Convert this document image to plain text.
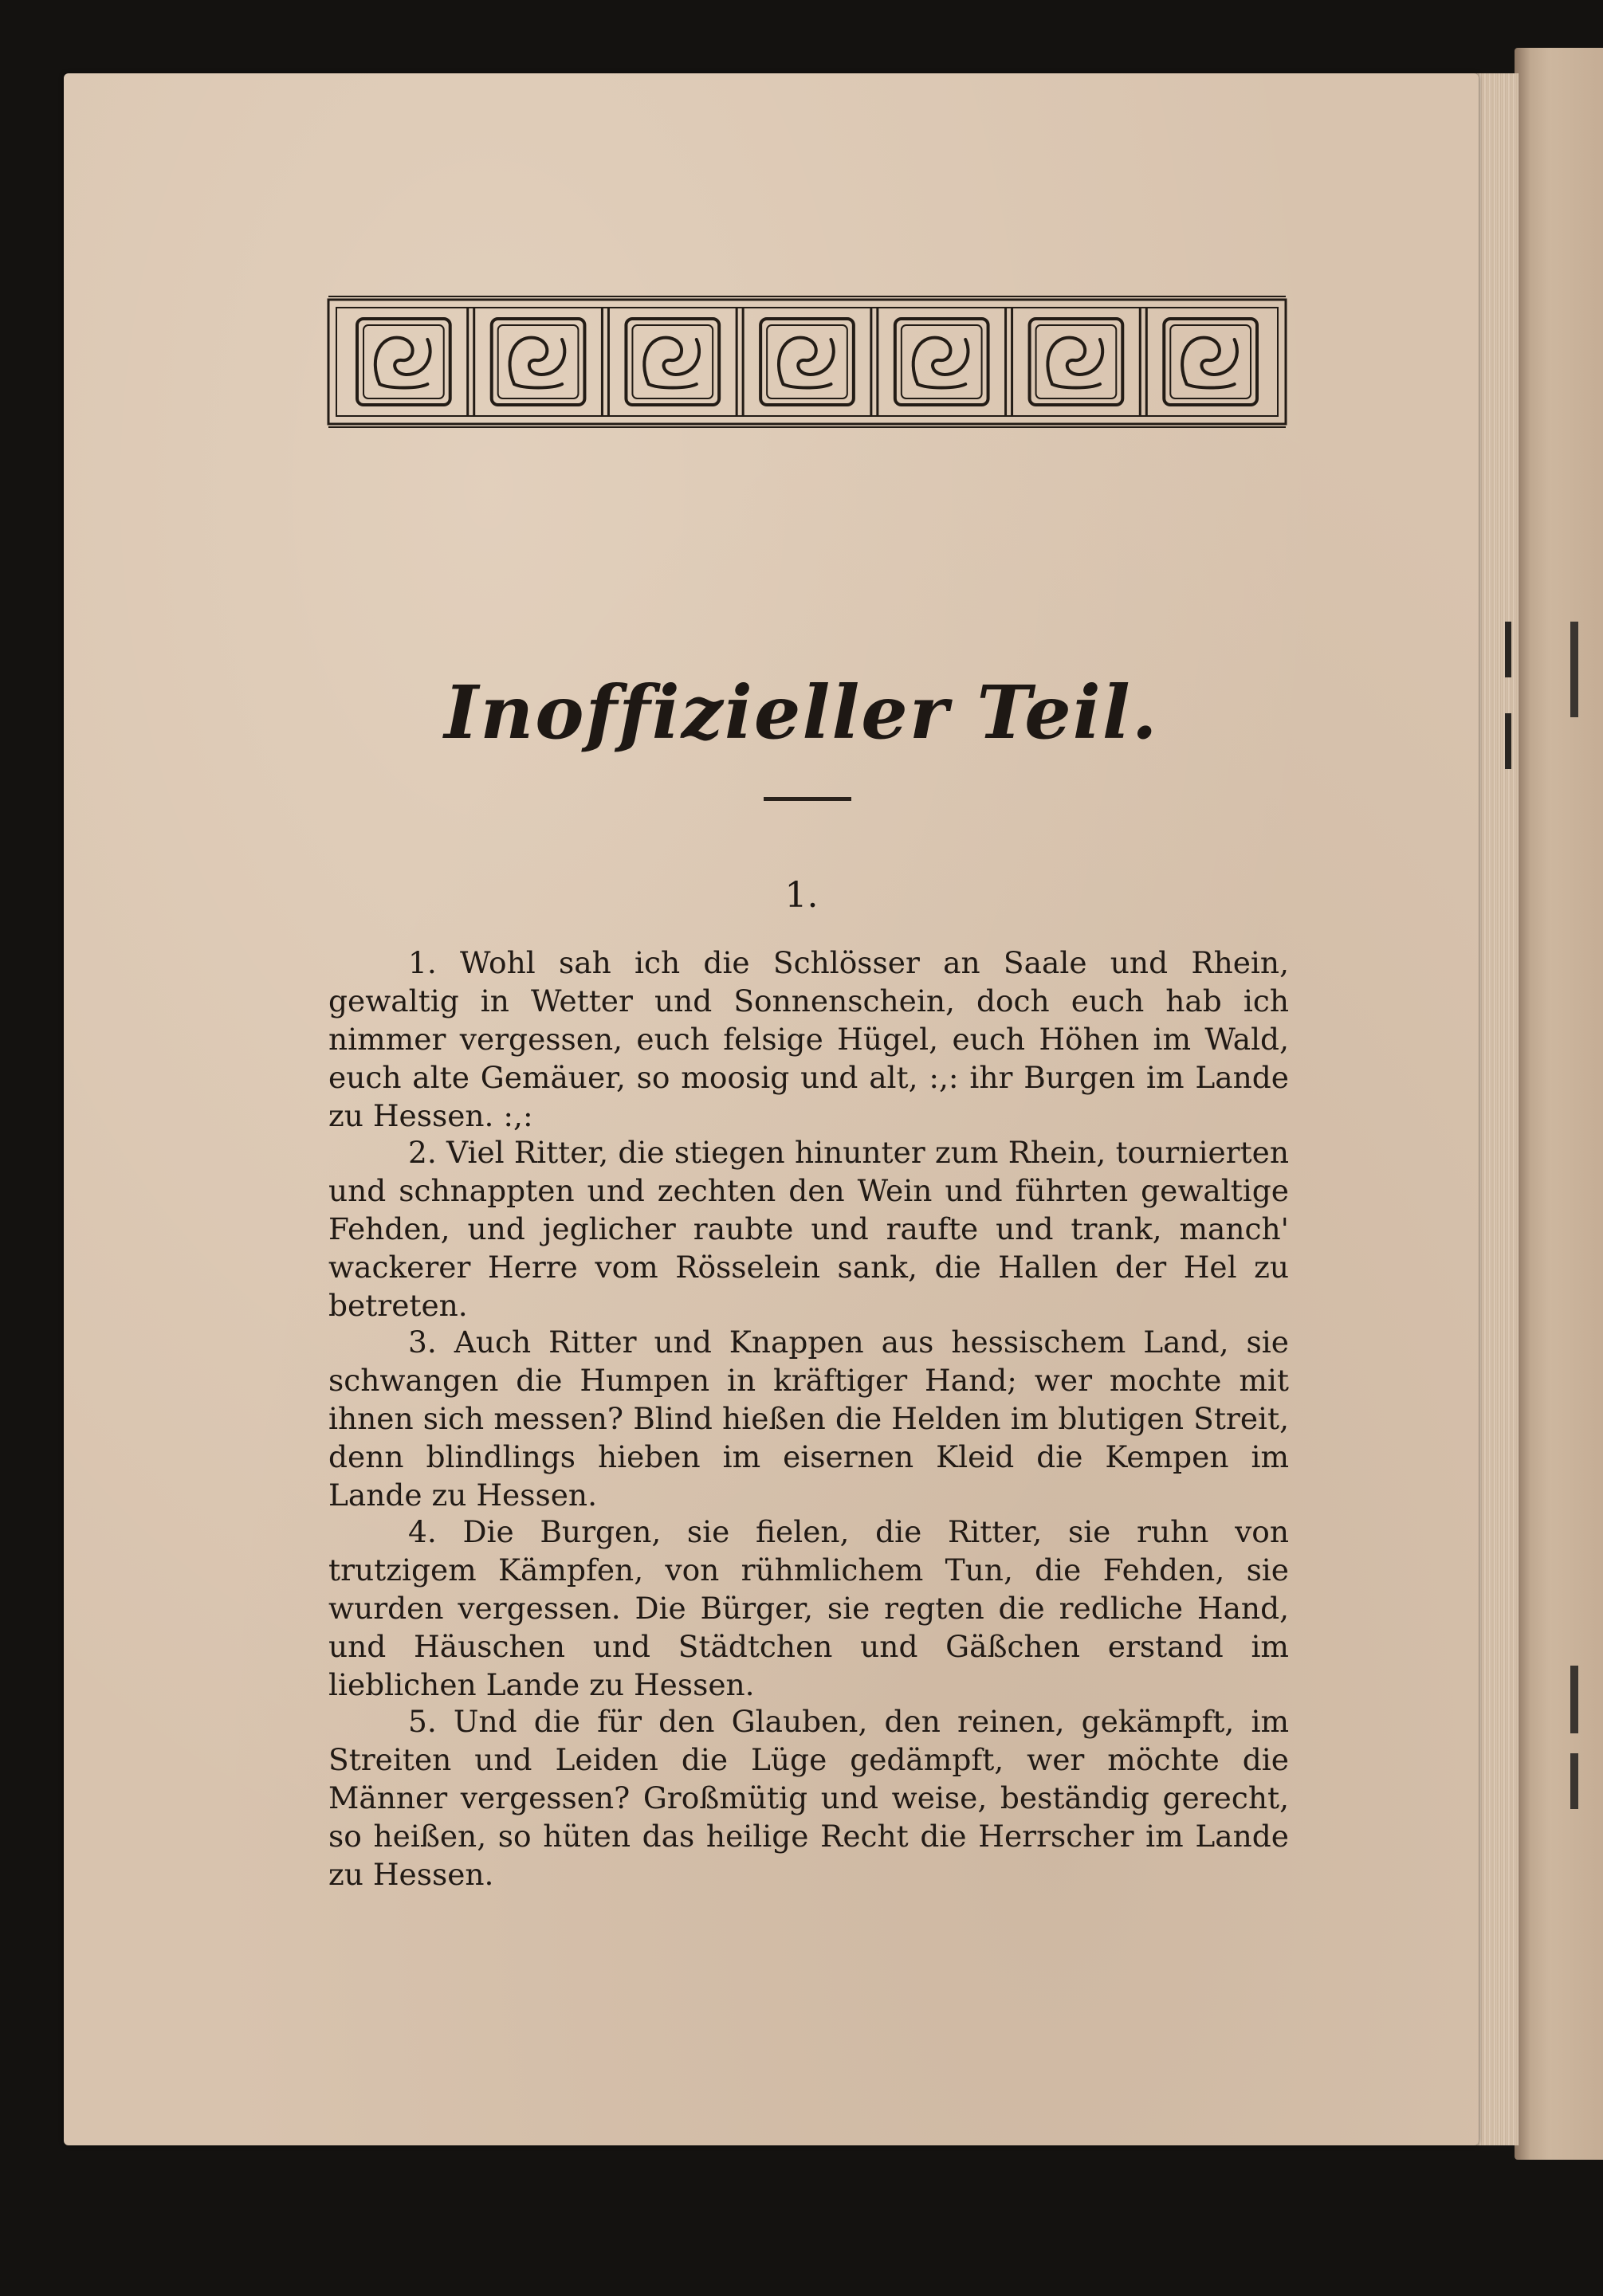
Inoffizieller Teil.

1.

1. Wohl sah ich die Schlösser an Saale und Rhein, gewaltig in Wetter und Sonnenschein, doch euch hab ich nimmer vergessen, euch felsige Hügel, euch Höhen im Wald, euch alte Gemäuer, so moosig und alt, :,: ihr Burgen im Lande zu Hessen. :,:

2. Viel Ritter, die stiegen hinunter zum Rhein, tournierten und schnappten und zechten den Wein und führten gewaltige Fehden, und jeglicher raubte und raufte und trank, manch' wackerer Herre vom Rösselein sank, die Hallen der Hel zu betreten.

3. Auch Ritter und Knappen aus hessischem Land, sie schwangen die Humpen in kräftiger Hand; wer mochte mit ihnen sich messen? Blind hießen die Helden im blutigen Streit, denn blindlings hieben im eisernen Kleid die Kempen im Lande zu Hessen.

4. Die Burgen, sie fielen, die Ritter, sie ruhn von trutzigem Kämpfen, von rühmlichem Tun, die Fehden, sie wurden vergessen. Die Bürger, sie regten die redliche Hand, und Häuschen und Städtchen und Gäßchen erstand im lieblichen Lande zu Hessen.

5. Und die für den Glauben, den reinen, gekämpft, im Streiten und Leiden die Lüge gedämpft, wer möchte die Männer vergessen? Großmütig und weise, beständig gerecht, so heißen, so hüten das heilige Recht die Herrscher im Lande zu Hessen.
